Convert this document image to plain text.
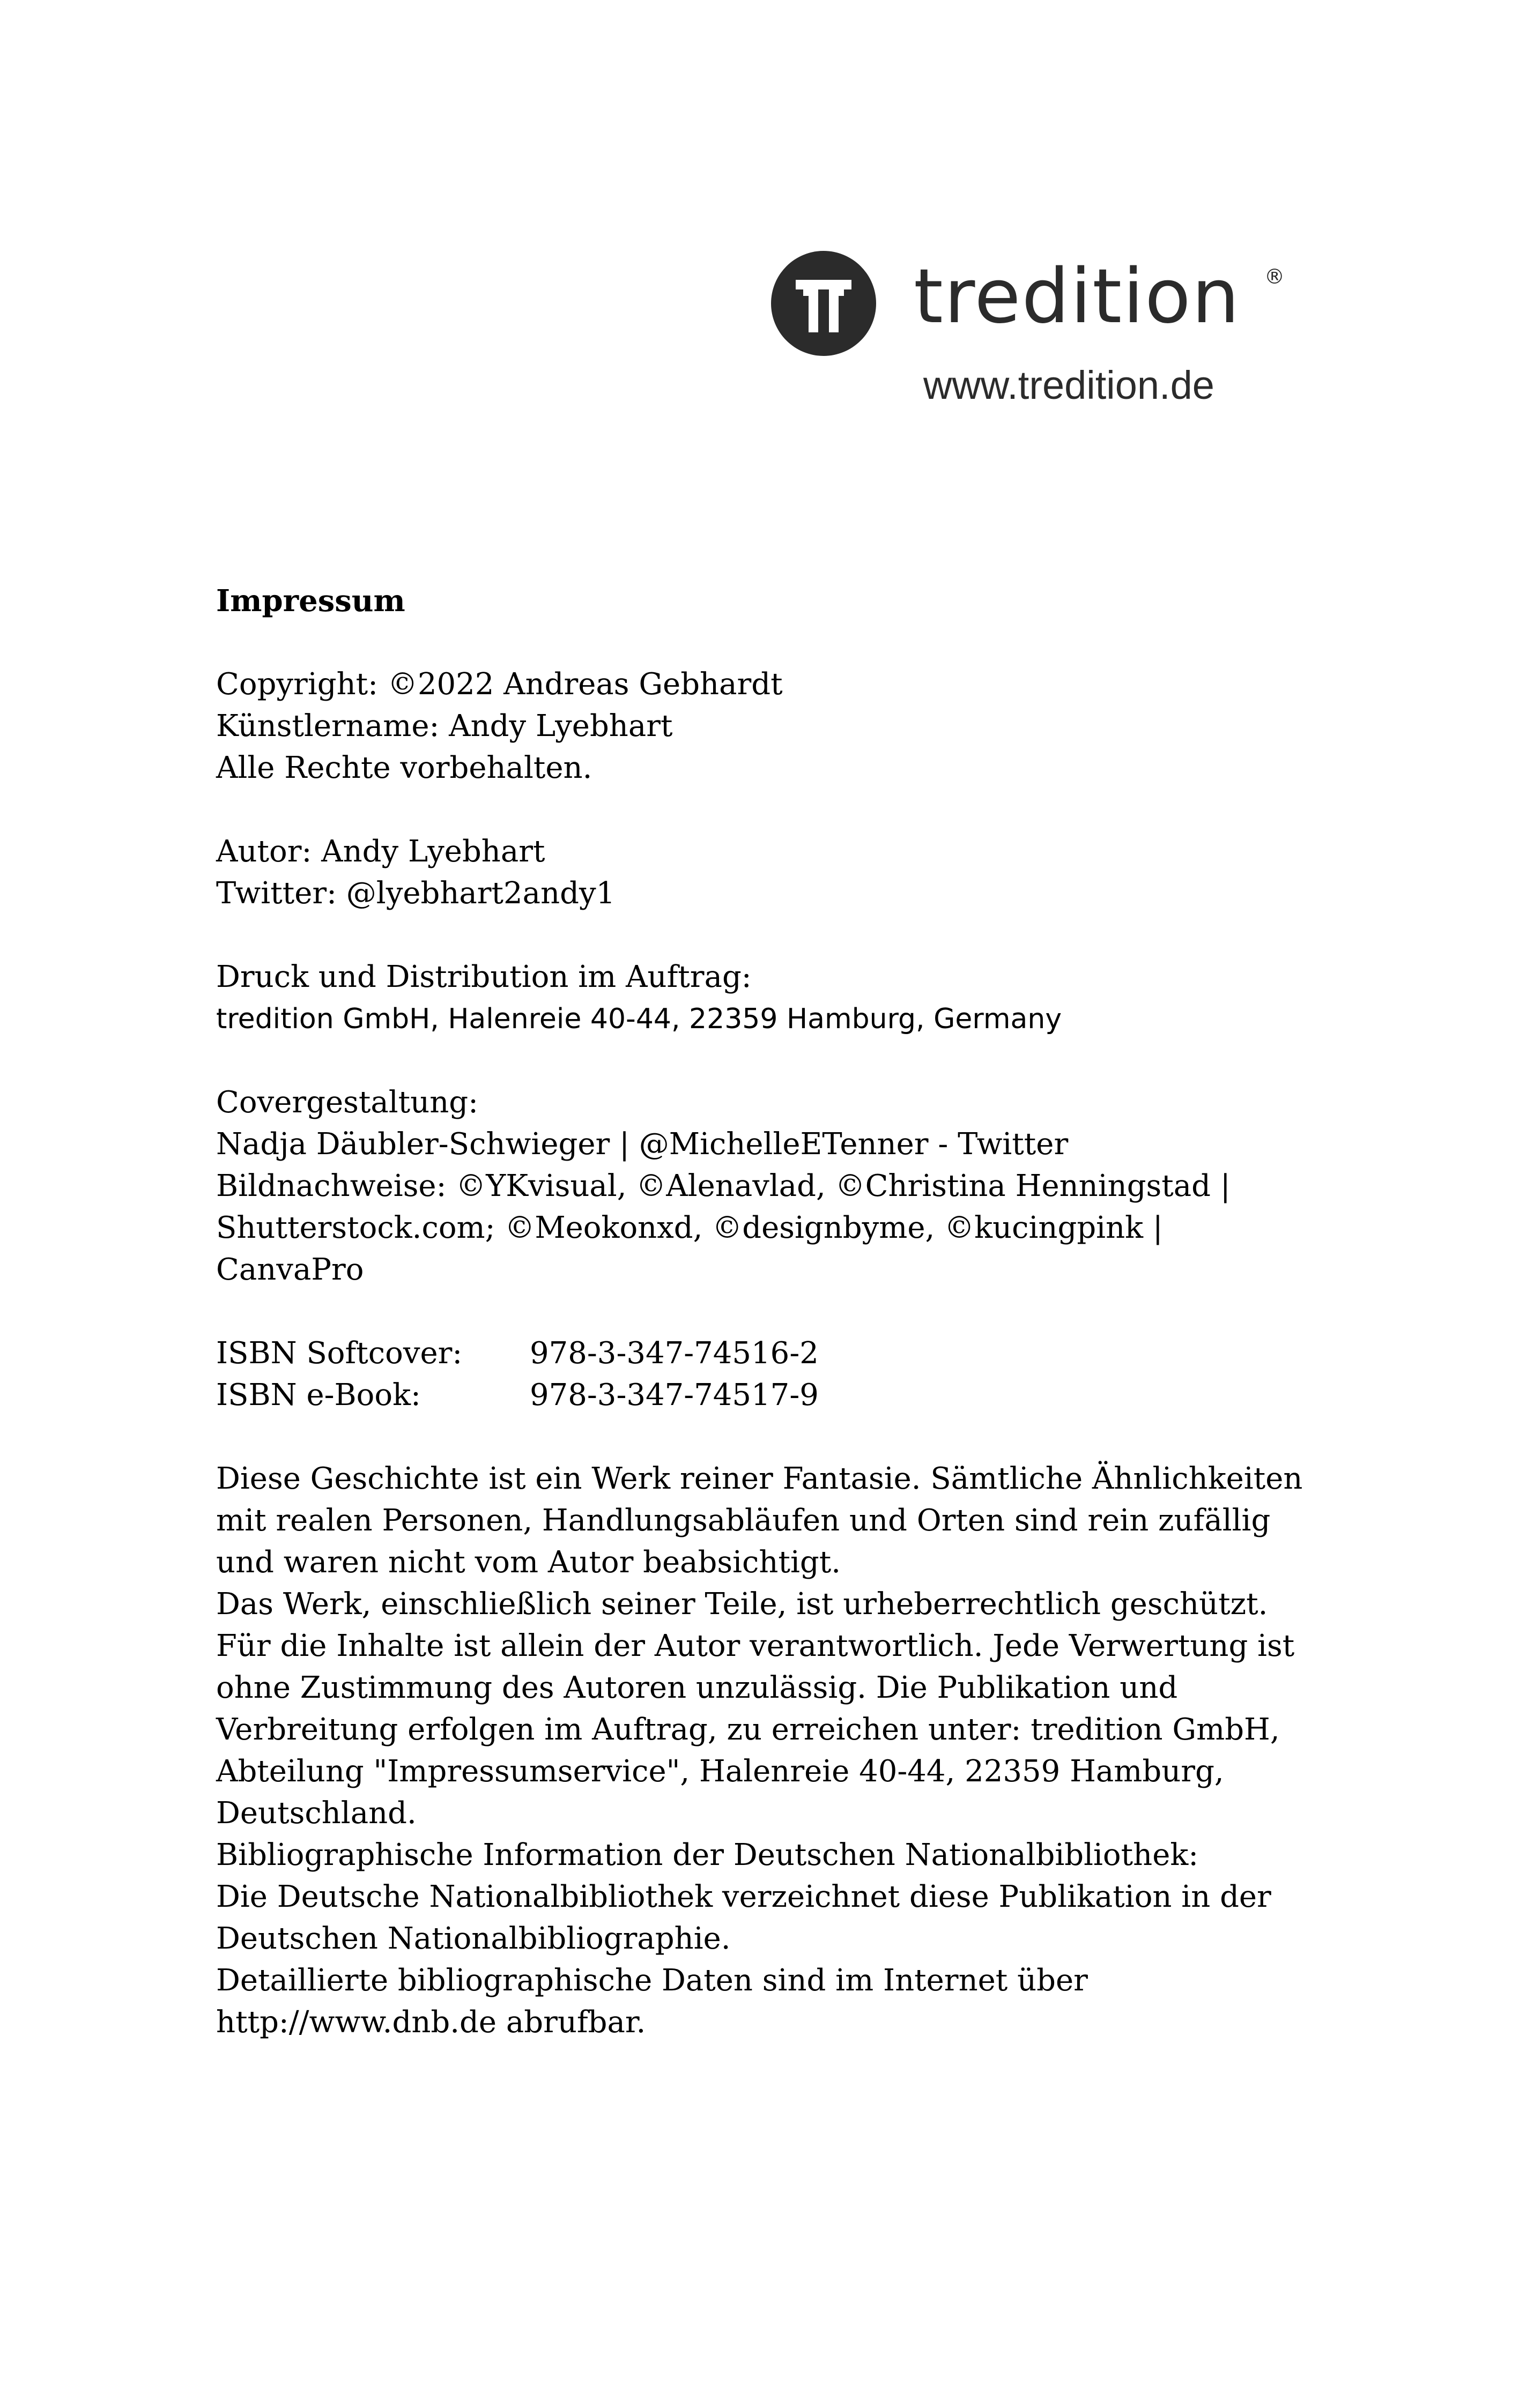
tredition ®
www.tredition.de
Impressum
Copyright: ©2022 Andreas Gebhardt
Künstlername: Andy Lyebhart
Alle Rechte vorbehalten.
Autor: Andy Lyebhart
Twitter: @lyebhart2andy1
Druck und Distribution im Auftrag:
tredition GmbH, Halenreie 40-44, 22359 Hamburg, Germany
Covergestaltung:
Nadja Däubler-Schwieger | @MichelleETenner - Twitter
Bildnachweise: ©YKvisual, ©Alenavlad, ©Christina Henningstad |
Shutterstock.com; ©Meokonxd, ©designbyme, ©kucingpink |
CanvaPro
ISBN Softcover: 978-3-347-74516-2
ISBN e-Book:	978-3-347-74517-9
Diese Geschichte ist ein Werk reiner Fantasie. Sämtliche Ähnlichkeiten
mit realen Personen, Handlungsabläufen und Orten sind rein zufällig
und waren nicht vom Autor beabsichtigt.
Das Werk, einschließlich seiner Teile, ist urheberrechtlich geschützt.
Für die Inhalte ist allein der Autor verantwortlich. Jede Verwertung ist
ohne Zustimmung des Autoren unzulässig. Die Publikation und
Verbreitung erfolgen im Auftrag, zu erreichen unter: tredition GmbH,
Abteilung "Impressumservice", Halenreie 40-44, 22359 Hamburg,
Deutschland.
Bibliographische Information der Deutschen Nationalbibliothek:
Die Deutsche Nationalbibliothek verzeichnet diese Publikation in der
Deutschen Nationalbibliographie.
Detaillierte bibliographische Daten sind im Internet über
http://www.dnb.de abrufbar.
